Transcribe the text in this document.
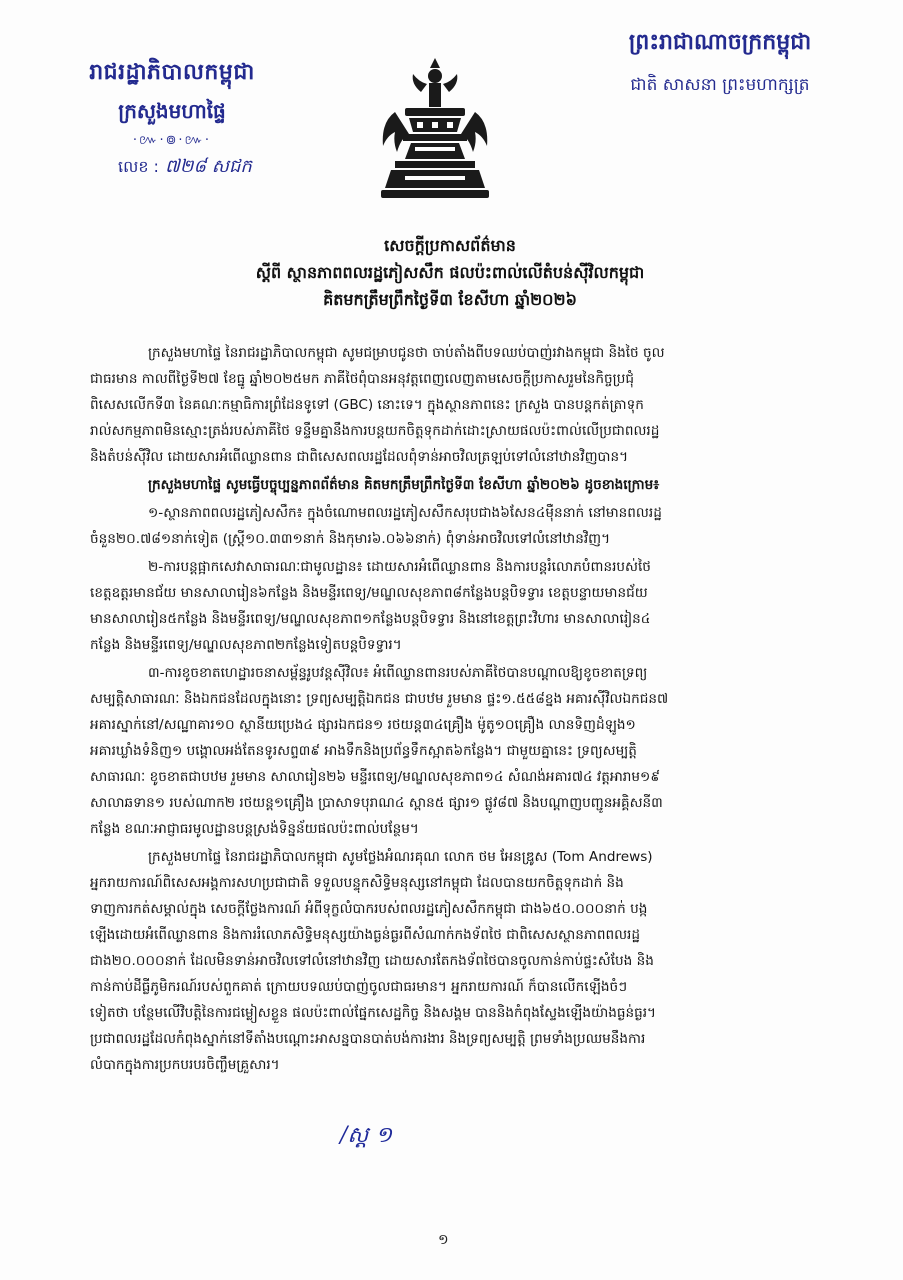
រាជរដ្ឋាភិបាលកម្ពុជា
ក្រសួងមហាផ្ទៃ
·៚·៙·៚·
លេខ : ៧២៨ សជក
ព្រះរាជាណាចក្រកម្ពុជា
ជាតិ សាសនា ព្រះមហាក្សត្រ
សេចក្តីប្រកាសព័ត៌មាន
ស្តីពី ស្ថានភាពពលរដ្ឋភៀសសឹក ផលប៉ះពាល់លើតំបន់ស៊ីវិលកម្ពុជា
គិតមកត្រឹមព្រឹកថ្ងៃទី៣ ខែសីហា ឆ្នាំ២០២៦
ក្រសួងមហាផ្ទៃ នៃរាជរដ្ឋាភិបាលកម្ពុជា សូមជម្រាបជូនថា ចាប់តាំងពីបទឈប់បាញ់រវាងកម្ពុជា និងថៃ ចូល
ជាធរមាន កាលពីថ្ងៃទី២៧ ខែធ្នូ ឆ្នាំ២០២៥មក ភាគីថៃពុំបានអនុវត្តពេញលេញតាមសេចក្តីប្រកាសរួមនៃកិច្ចប្រជុំ
ពិសេសលើកទី៣ នៃគណៈកម្មាធិការព្រំដែនទូទៅ (GBC) នោះទេ។ ក្នុងស្ថានភាពនេះ ក្រសួង បានបន្តកត់ត្រាទុក
រាល់សកម្មភាពមិនស្មោះត្រង់របស់ភាគីថៃ ទន្ទឹមគ្នានឹងការបន្តយកចិត្តទុកដាក់ដោះស្រាយផលប៉ះពាល់លើប្រជាពលរដ្ឋ
និងតំបន់ស៊ីវិល ដោយសារអំពើឈ្លានពាន ជាពិសេសពលរដ្ឋដែលពុំទាន់អាចវិលត្រឡប់ទៅលំនៅឋានវិញបាន។
ក្រសួងមហាផ្ទៃ សូមធ្វើបច្ចុប្បន្នភាពព័ត៌មាន គិតមកត្រឹមព្រឹកថ្ងៃទី៣ ខែសីហា ឆ្នាំ២០២៦ ដូចខាងក្រោម៖
១-ស្ថានភាពពលរដ្ឋភៀសសឹក៖ ក្នុងចំណោមពលរដ្ឋភៀសសឹកសរុបជាង៦សែន៤ម៉ឺននាក់ នៅមានពលរដ្ឋ
ចំនួន២០.៧៨១នាក់ទៀត (ស្ត្រី១០.៣៣១នាក់ និងកុមារ៦.០៦៦នាក់) ពុំទាន់អាចវិលទៅលំនៅឋានវិញ។
២-ការបន្តផ្អាកសេវាសាធារណៈជាមូលដ្ឋាន៖ ដោយសារអំពើឈ្លានពាន និងការបន្តរំលោភបំពានរបស់ថៃ
ខេត្តឧត្តរមានជ័យ មានសាលារៀន៦កន្លែង និងមន្ទីរពេទ្យ/មណ្ឌលសុខភាព៨កន្លែងបន្តបិទទ្វារ ខេត្តបន្ទាយមានជ័យ
មានសាលារៀន៥កន្លែង និងមន្ទីរពេទ្យ/មណ្ឌលសុខភាព១កន្លែងបន្តបិទទ្វារ និងនៅខេត្តព្រះវិហារ មានសាលារៀន៤
កន្លែង និងមន្ទីរពេទ្យ/មណ្ឌលសុខភាព២កន្លែងទៀតបន្តបិទទ្វារ។
៣-ការខូចខាតហេដ្ឋារចនាសម្ព័ន្ធរូបវន្តស៊ីវិល៖ អំពើឈ្លានពានរបស់ភាគីថៃបានបណ្តាលឱ្យខូចខាតទ្រព្យ
សម្បត្តិសាធារណៈ និងឯកជនដែលក្នុងនោះ ទ្រព្យសម្បត្តិឯកជន ជាបឋម រួមមាន ផ្ទះ១.៥៥៨ខ្នង អគារស៊ីវិលឯកជន៧
អគារស្នាក់នៅ/សណ្ឋាគារ១០ ស្ថានីយប្រេង៤ ផ្សារឯកជន១ រថយន្ត៣៤គ្រឿង ម៉ូតូ១០គ្រឿង លានទិញដំឡូង១
អគារឃ្លាំងទំនិញ១ បង្គោលអង់តែនទូរសព្ទ៣៩ អាងទឹកនិងប្រព័ន្ធទឹកស្អាត៦កន្លែង។ ជាមួយគ្នានេះ ទ្រព្យសម្បត្តិ
សាធារណៈ ខូចខាតជាបឋម រួមមាន សាលារៀន២៦ មន្ទីរពេទ្យ/មណ្ឌលសុខភាព១៤ សំណង់អគារ៧៤ វត្តអារាម១៩
សាលាឆទាន១ របស់ណាក២ រថយន្ត១គ្រឿង ប្រាសាទបុរាណ៤ ស្ពាន៥ ផ្សារ១ ផ្លូវ៨៧ និងបណ្តាញបញ្ជូនអគ្គិសនី៣
កន្លែង ខណៈអាជ្ញាធរមូលដ្ឋានបន្តស្រង់ទិន្នន័យផលប៉ះពាល់បន្ថែម។
ក្រសួងមហាផ្ទៃ នៃរាជរដ្ឋាភិបាលកម្ពុជា សូមថ្លែងអំណរគុណ លោក ថម អែនឌ្រូស (Tom Andrews)
អ្នករាយការណ៍ពិសេសអង្គការសហប្រជាជាតិ ទទួលបន្ទុកសិទ្ធិមនុស្សនៅកម្ពុជា ដែលបានយកចិត្តទុកដាក់ និង
ទាញការកត់សម្គាល់ក្នុង សេចក្តីថ្លែងការណ៍ អំពីទុក្ខលំបាករបស់ពលរដ្ឋភៀសសឹកកម្ពុជា ជាង៦៥០.០០០នាក់ បង្ក
ឡើងដោយអំពើឈ្លានពាន និងការរំលោភសិទ្ធិមនុស្សយ៉ាងធ្ងន់ធ្ងរពីសំណាក់កងទ័ពថៃ ជាពិសេសស្ថានភាពពលរដ្ឋ
ជាង២០.០០០នាក់ ដែលមិនទាន់អាចវិលទៅលំនៅឋានវិញ ដោយសារតែកងទ័ពថៃបានចូលកាន់កាប់ផ្ទះសំបែង និង
កាន់កាប់ដីធ្លីភូមិករណ៍របស់ពួកគាត់ ក្រោយបទឈប់បាញ់ចូលជាធរមាន។ អ្នករាយការណ៍ ក៏បានលើកឡើងចំៗ
ទៀតថា បន្ថែមលើវិបត្តិនៃការជម្លៀសខ្លួន ផលប៉ះពាល់ផ្នែកសេដ្ឋកិច្ច និងសង្គម បាននិងកំពុងស្ទែងឡើងយ៉ាងធ្ងន់ធ្ងរ។
ប្រជាពលរដ្ឋដែលកំពុងស្នាក់នៅទីតាំងបណ្តោះអាសន្នបានបាត់បង់ការងារ និងទ្រព្យសម្បត្តិ ព្រមទាំងប្រឈមនឹងការ
លំបាកក្នុងការប្រកបរបរចិញ្ចឹមគ្រួសារ។
/ស្ត ១
១
